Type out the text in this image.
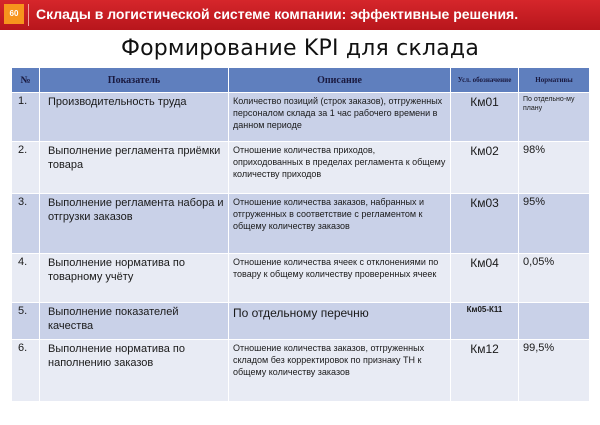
60	Склады в логистической системе компании: эффективные решения.
Формирование KPI для склада
№	Показатель	Описание	Усл. обозначение	Нормативы
1.	Производительность труда	Количество позиций (строк заказов), отгруженных персоналом склада за 1 час рабочего времени в данном периоде	Км01	По отдельно-му плану
2.	Выполнение регламента приёмки товара	Отношение количества приходов, оприходованных в пределах регламента к общему количеству приходов	Км02	98%
3.	Выполнение регламента набора и отгрузки заказов	Отношение количества заказов, набранных и отгруженных в соответствие с регламентом к общему количеству заказов	Км03	95%
4.	Выполнение норматива по товарному учёту	Отношение количества ячеек с отклонениями по товару к общему количеству проверенных ячеек	Км04	0,05%
5.	Выполнение показателей качества	По отдельному перечню	Км05-К11	
6.	Выполнение норматива по наполнению заказов	Отношение количества заказов, отгруженных складом без корректировок по признаку ТН к общему количеству заказов	Км12	99,5%
